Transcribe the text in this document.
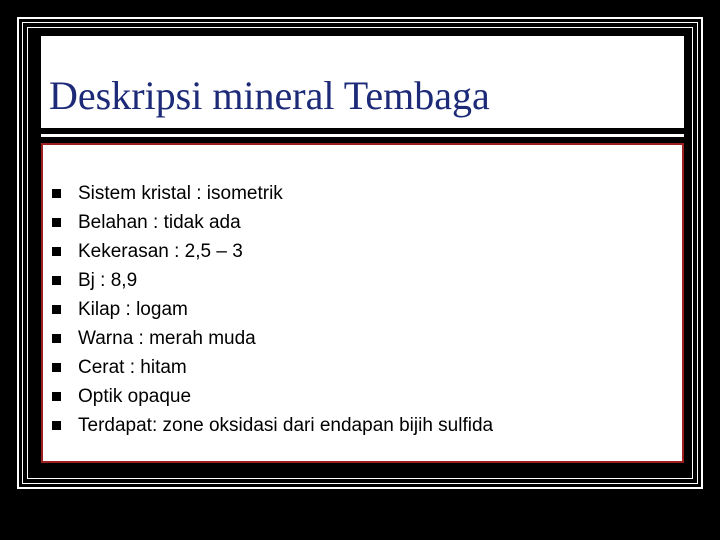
Deskripsi mineral Tembaga
Sistem kristal : isometrik
Belahan : tidak ada
Kekerasan : 2,5 – 3
Bj : 8,9
Kilap : logam
Warna : merah muda
Cerat : hitam
Optik opaque
Terdapat: zone oksidasi dari endapan bijih sulfida
